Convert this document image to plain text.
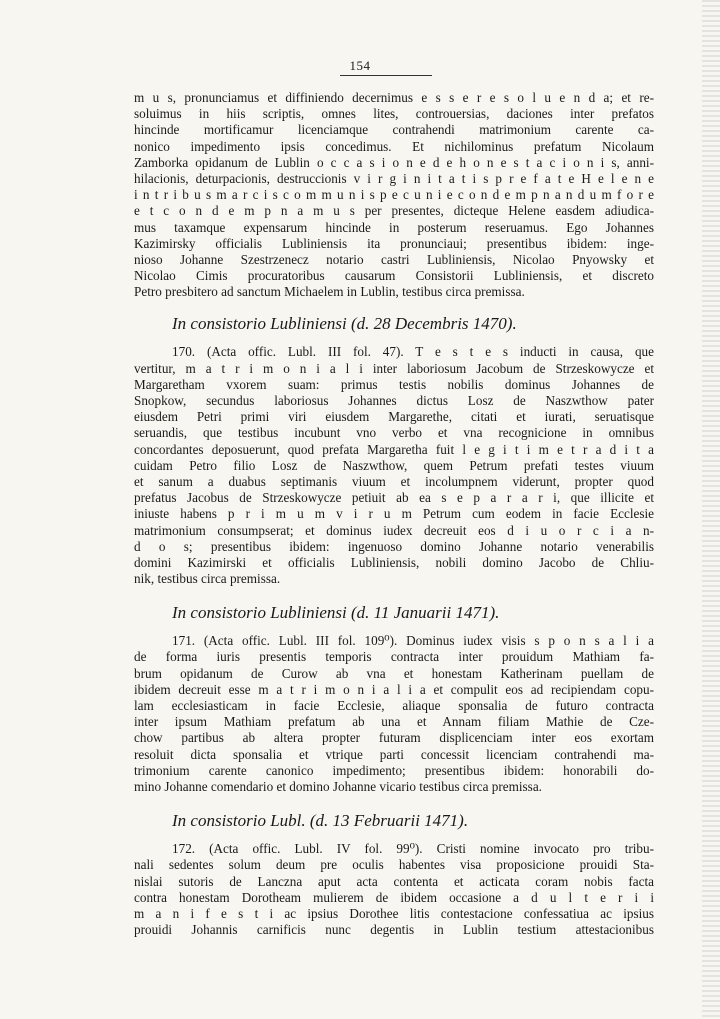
154
m u s, pronunciamus et diffiniendo decernimus e s s e r e s o l u e n d a; et re-
soluimus in hiis scriptis, omnes lites, controuersias, daciones inter prefatos
hincinde mortificamur licenciamque contrahendi matrimonium carente ca-
nonico impedimento ipsis concedimus. Et nichilominus prefatum Nicolaum
Zamborka opidanum de Lublin o c c a s i o n e d e h o n e s t a c i o n i s, anni-
hilacionis, deturpacionis, destruccionis v i r g i n i t a t i s p r e f a t e H e l e n e
i n t r i b u s m a r c i s c o m m u n i s p e c u n i e c o n d e m p n a n d u m f o r e
e t c o n d e m p n a m u s per presentes, dicteque Helene easdem adiudica-
mus taxamque expensarum hincinde in posterum reseruamus. Ego Johannes
Kazimirsky officialis Lubliniensis ita pronunciaui; presentibus ibidem: inge-
nioso Johanne Szestrzenecz notario castri Lubliniensis, Nicolao Pnyowsky et
Nicolao Cimis procuratoribus causarum Consistorii Lubliniensis, et discreto
Petro presbitero ad sanctum Michaelem in Lublin, testibus circa premissa.
In consistorio Lubliniensi (d. 28 Decembris 1470).
170. (Acta offic. Lubl. III fol. 47). T e s t e s inducti in causa, que
vertitur, m a t r i m o n i a l i inter laboriosum Jacobum de Strzeskowycze et
Margaretham vxorem suam: primus testis nobilis dominus Johannes de
Snopkow, secundus laboriosus Johannes dictus Losz de Naszwthow pater
eiusdem Petri primi viri eiusdem Margarethe, citati et iurati, seruatisque
seruandis, que testibus incubunt vno verbo et vna recognicione in omnibus
concordantes deposuerunt, quod prefata Margaretha fuit l e g i t i m e t r a d i t a
cuidam Petro filio Losz de Naszwthow, quem Petrum prefati testes viuum
et sanum a duabus septimanis viuum et incolumpnem viderunt, propter quod
prefatus Jacobus de Strzeskowycze petiuit ab ea s e p a r a r i, que illicite et
iniuste habens p r i m u m v i r u m Petrum cum eodem in facie Ecclesie
matrimonium consumpserat; et dominus iudex decreuit eos d i u o r c i a n-
d o s; presentibus ibidem: ingenuoso domino Johanne notario venerabilis
domini Kazimirski et officialis Lubliniensis, nobili domino Jacobo de Chliu-
nik, testibus circa premissa.
In consistorio Lubliniensi (d. 11 Januarii 1471).
171. (Acta offic. Lubl. III fol. 109⁰). Dominus iudex visis s p o n s a l i a
de forma iuris presentis temporis contracta inter prouidum Mathiam fa-
brum opidanum de Curow ab vna et honestam Katherinam puellam de
ibidem decreuit esse m a t r i m o n i a l i a et compulit eos ad recipiendam copu-
lam ecclesiasticam in facie Ecclesie, aliaque sponsalia de futuro contracta
inter ipsum Mathiam prefatum ab una et Annam filiam Mathie de Cze-
chow partibus ab altera propter futuram displicenciam inter eos exortam
resoluit dicta sponsalia et vtrique parti concessit licenciam contrahendi ma-
trimonium carente canonico impedimento; presentibus ibidem: honorabili do-
mino Johanne comendario et domino Johanne vicario testibus circa premissa.
In consistorio Lubl. (d. 13 Februarii 1471).
172. (Acta offic. Lubl. IV fol. 99⁰). Cristi nomine invocato pro tribu-
nali sedentes solum deum pre oculis habentes visa proposicione prouidi Sta-
nislai sutoris de Lanczna aput acta contenta et acticata coram nobis facta
contra honestam Dorotheam mulierem de ibidem occasione a d u l t e r i i
m a n i f e s t i ac ipsius Dorothee litis contestacione confessatiua ac ipsius
prouidi Johannis carnificis nunc degentis in Lublin testium attestacionibus
